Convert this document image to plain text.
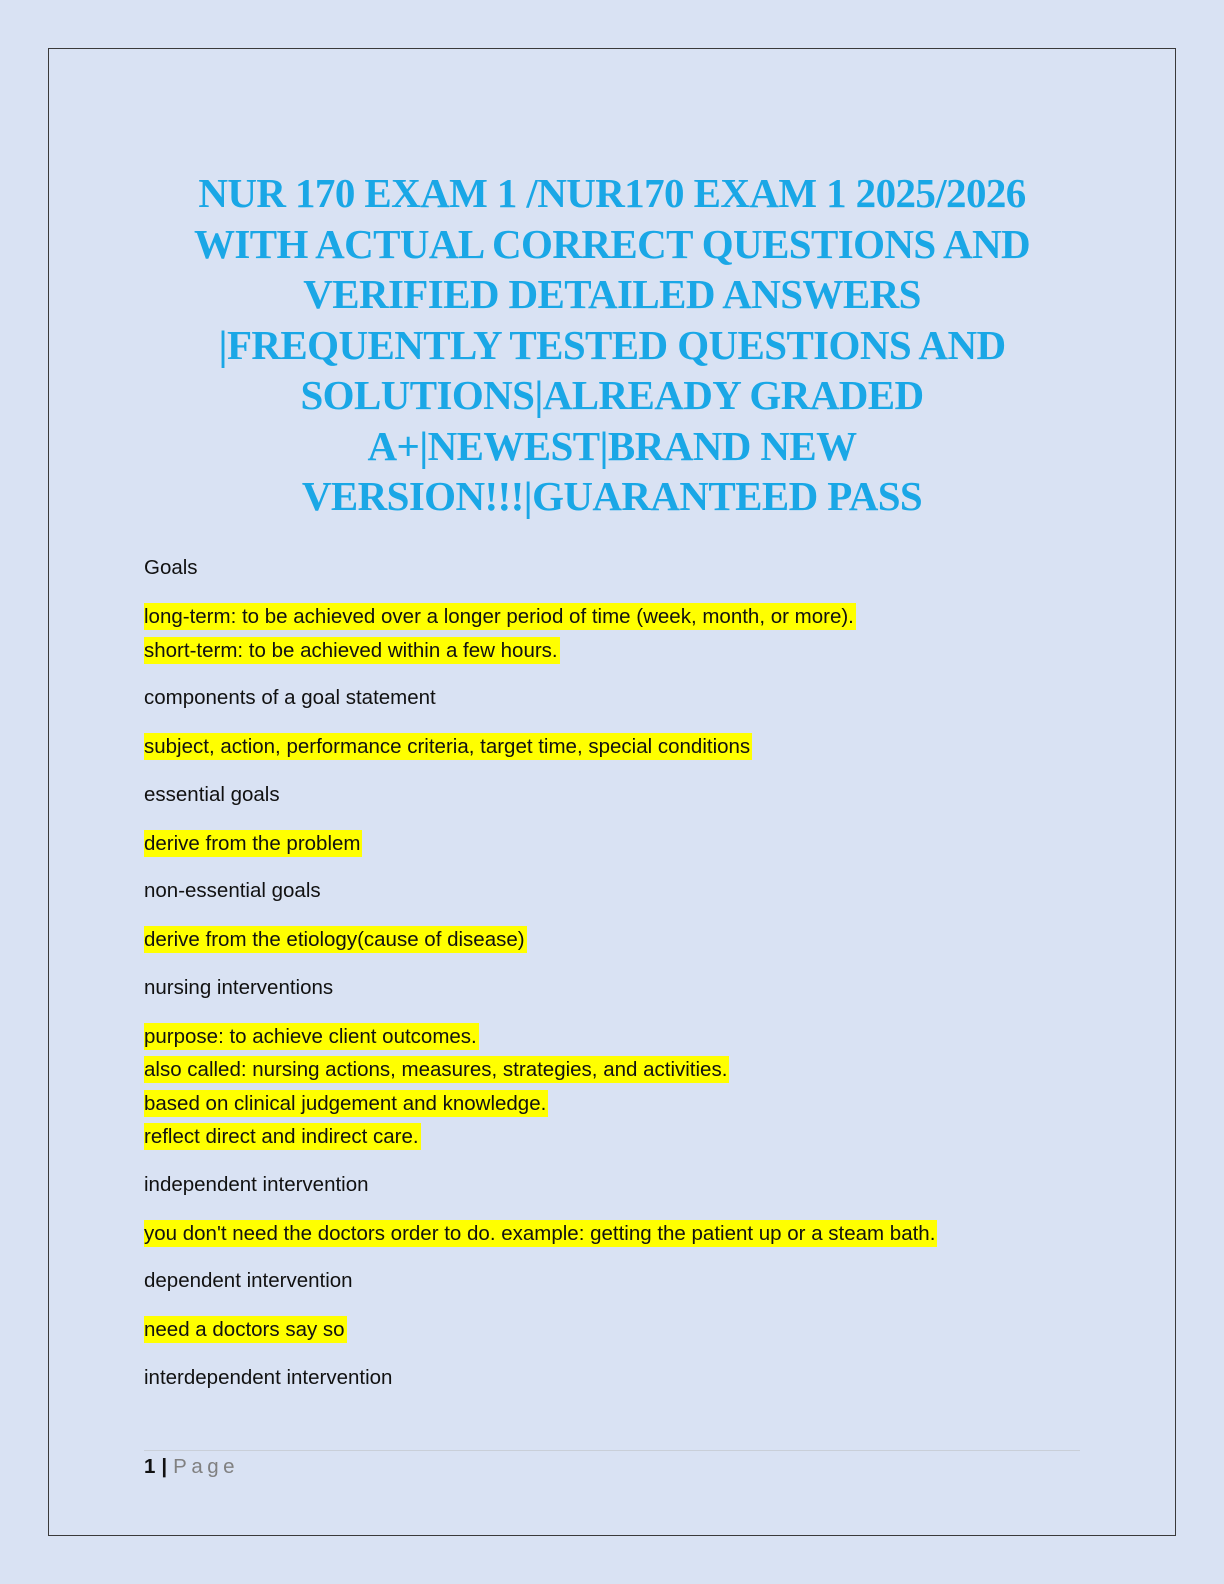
NUR 170 EXAM 1 /NUR170 EXAM 1 2025/2026
WITH ACTUAL CORRECT QUESTIONS AND
VERIFIED DETAILED ANSWERS
|FREQUENTLY TESTED QUESTIONS AND
SOLUTIONS|ALREADY GRADED
A+|NEWEST|BRAND NEW
VERSION!!!|GUARANTEED PASS

Goals

long-term: to be achieved over a longer period of time (week, month, or more).
short-term: to be achieved within a few hours.

components of a goal statement

subject, action, performance criteria, target time, special conditions

essential goals

derive from the problem

non-essential goals

derive from the etiology(cause of disease)

nursing interventions

purpose: to achieve client outcomes.
also called: nursing actions, measures, strategies, and activities.
based on clinical judgement and knowledge.
reflect direct and indirect care.

independent intervention

you don't need the doctors order to do. example: getting the patient up or a steam bath.

dependent intervention

need a doctors say so

interdependent intervention

1 | Page
